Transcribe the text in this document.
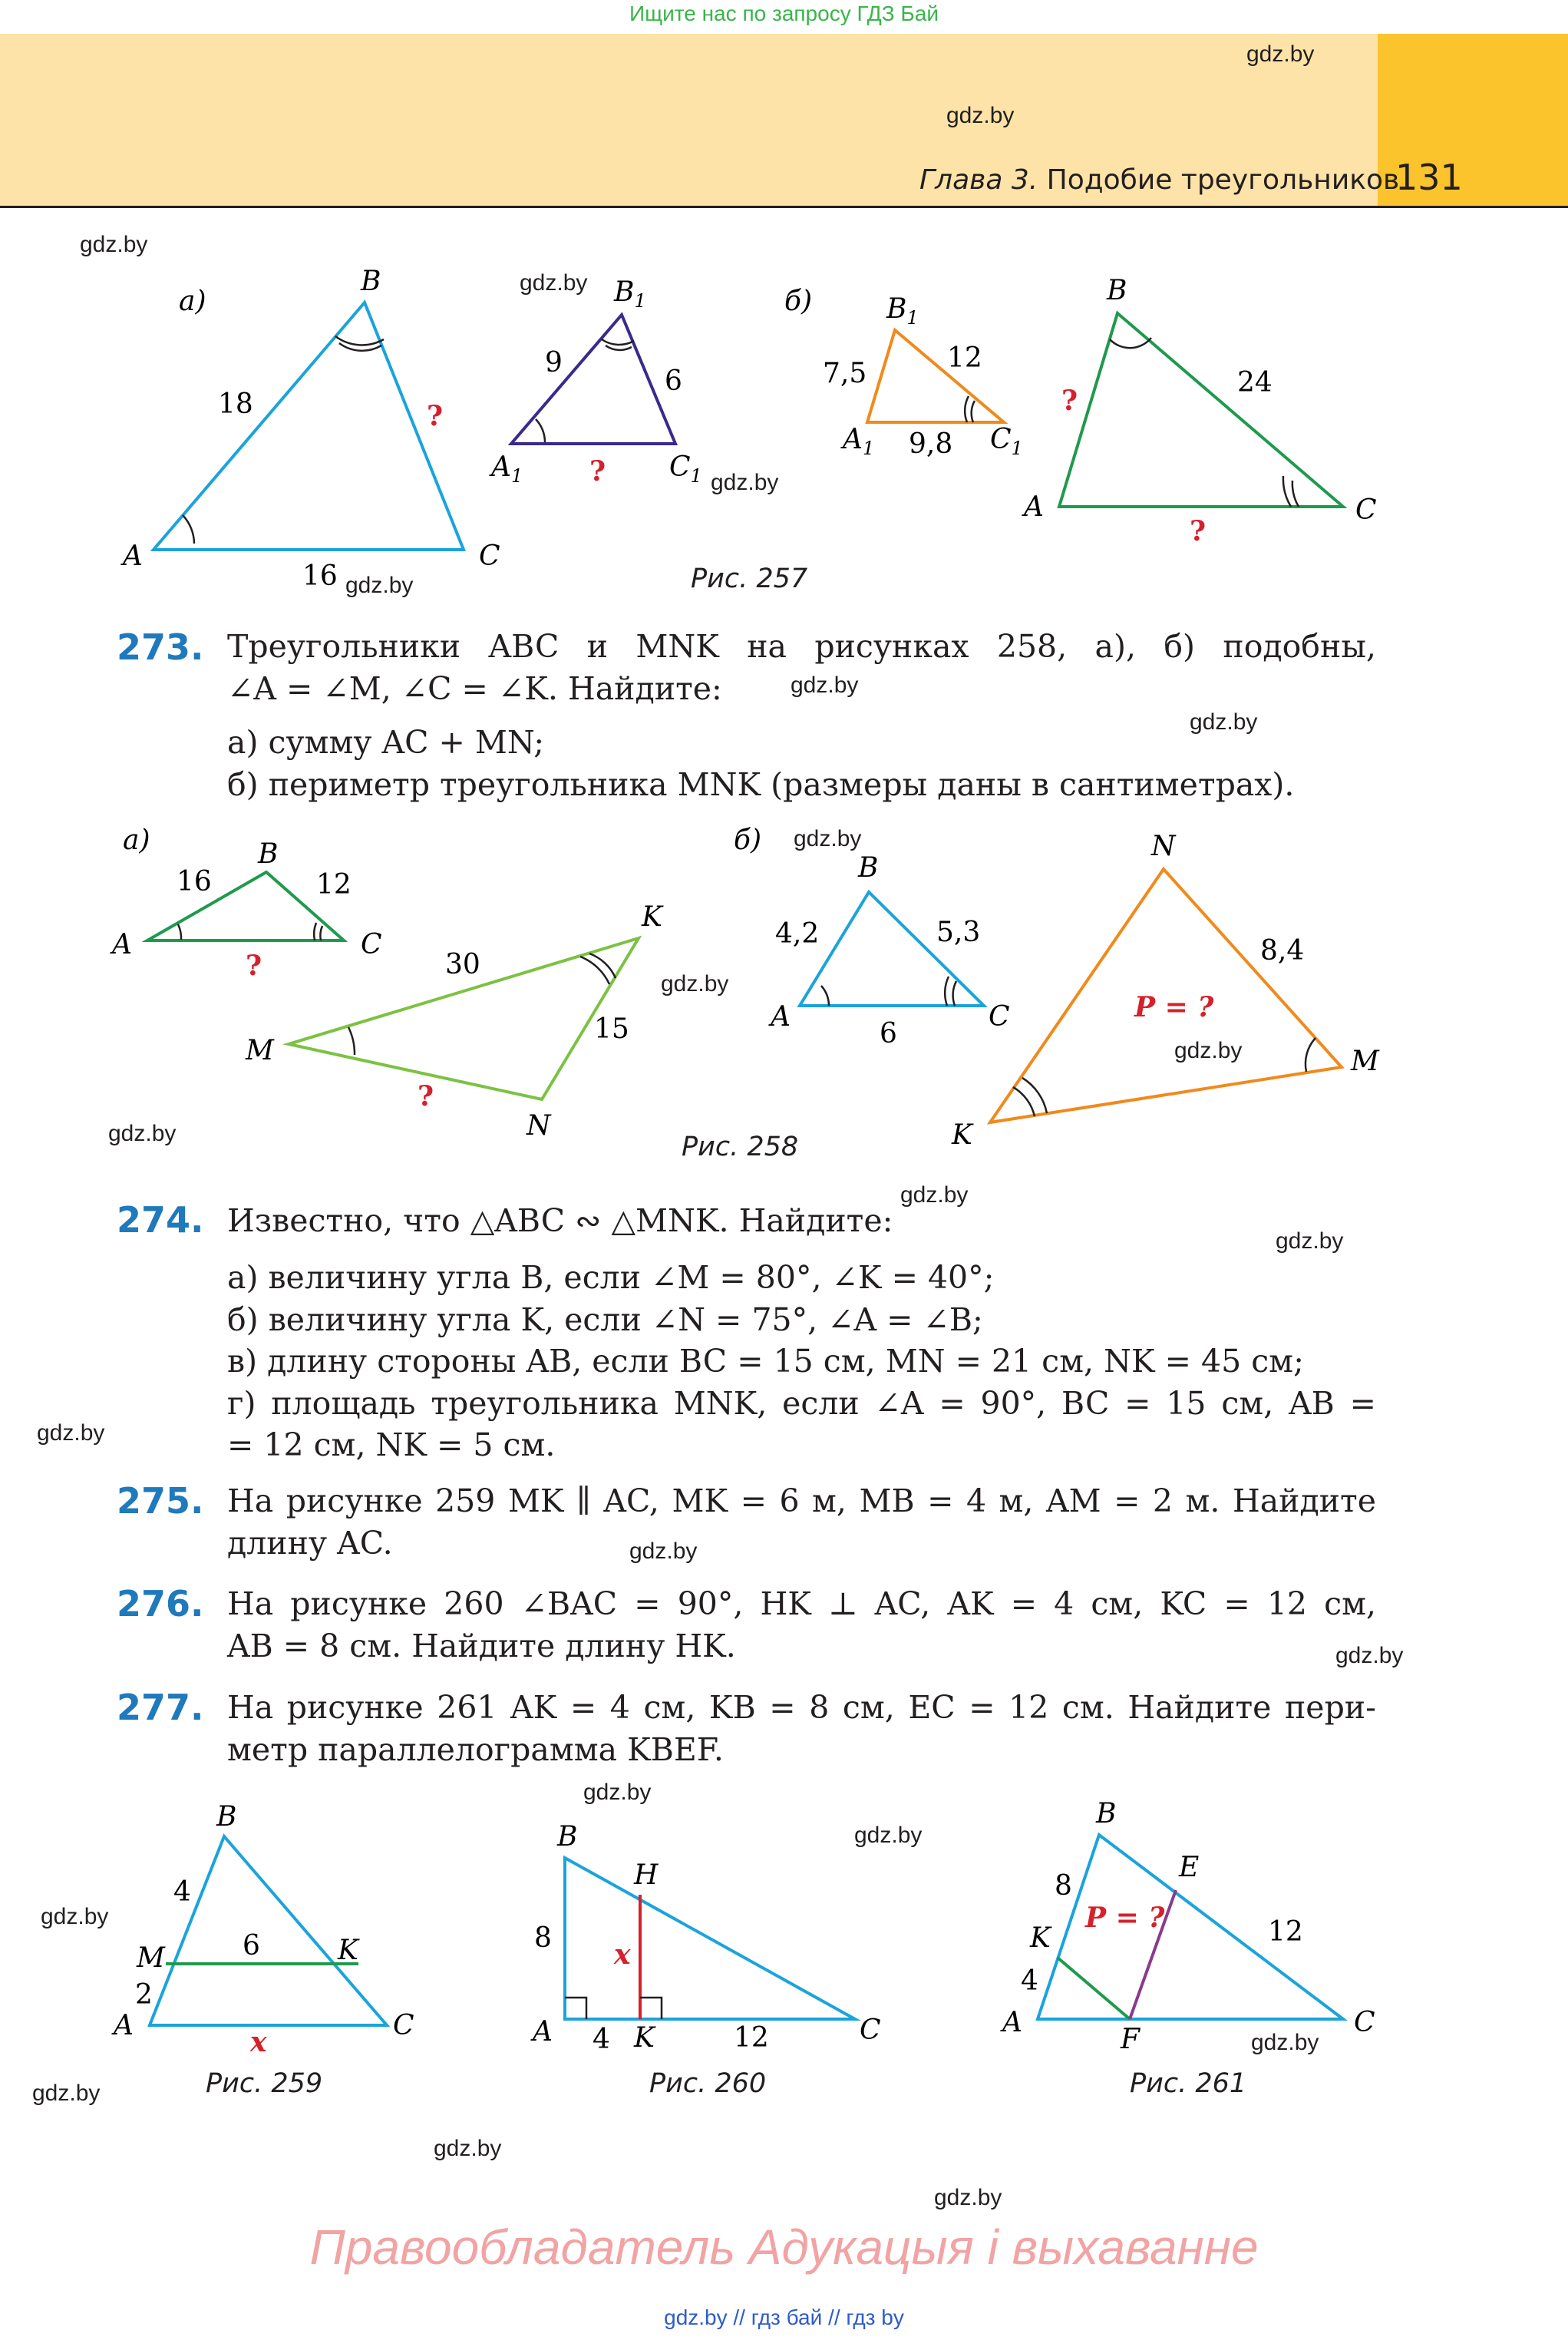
Ищите нас по запросу ГДЗ Бай
Глава 3. Подобие треугольников
131
gdz.by
gdz.by
gdz.by
gdz.by
gdz.by
gdz.by
gdz.by
gdz.by
gdz.by
gdz.by
gdz.by
gdz.by
gdz.by
gdz.by
gdz.by
gdz.by
gdz.by
gdz.by
gdz.by
gdz.by
gdz.by
gdz.by
gdz.by
gdz.by
а)
B
A	C
18
16
?
$B_1$
$A_1$	$C_1$
9
6
?
б)	$B_1$
$A_1$	$C_1$
7,5	12
9,8
B
A	C
24
?
?
Рис. 257
273. Треугольники ABC и MNK на рисунках 258, а), б) подобны,
∠A = ∠M, ∠C = ∠K. Найдите:
а) сумму AC + MN;
б) периметр треугольника MNK (размеры даны в сантиметрах).
а)	B
A	C
16	12
?
M
K
N
30
15
?
б)
B
A	C
4,2	5,3
6
N
M
K
8,4
P = ?
Рис. 258
274. Известно, что △ABC ∾ △MNK. Найдите:
а) величину угла B, если ∠M = 80°, ∠K = 40°;
б) величину угла K, если ∠N = 75°, ∠A = ∠B;
в) длину стороны AB, если BC = 15 см, MN = 21 см, NK = 45 см;
г) площадь треугольника MNK, если ∠A = 90°, BC = 15 см, AB =
= 12 см, NK = 5 см.
275. На рисунке 259 MK ∥ AC, MK = 6 м, MB = 4 м, AM = 2 м. Найдите
длину AC.
276. На рисунке 260 ∠BAC = 90°, HK ⊥ AC, AK = 4 см, KC = 12 см,
AB = 8 см. Найдите длину HK.
277. На рисунке 261 AK = 4 см, KB = 8 см, EC = 12 см. Найдите пери-
метр параллелограмма KBEF.
B
M	K
A	C
4
6
2
x
B
H
A	K	C
8
x
4	12
B
E
K
A
F
C
8
4
12
P = ?
Рис. 259	Рис. 260	Рис. 261
Правообладатель Адукацыя і выхаванне
gdz.by // гдз бай // гдз by
